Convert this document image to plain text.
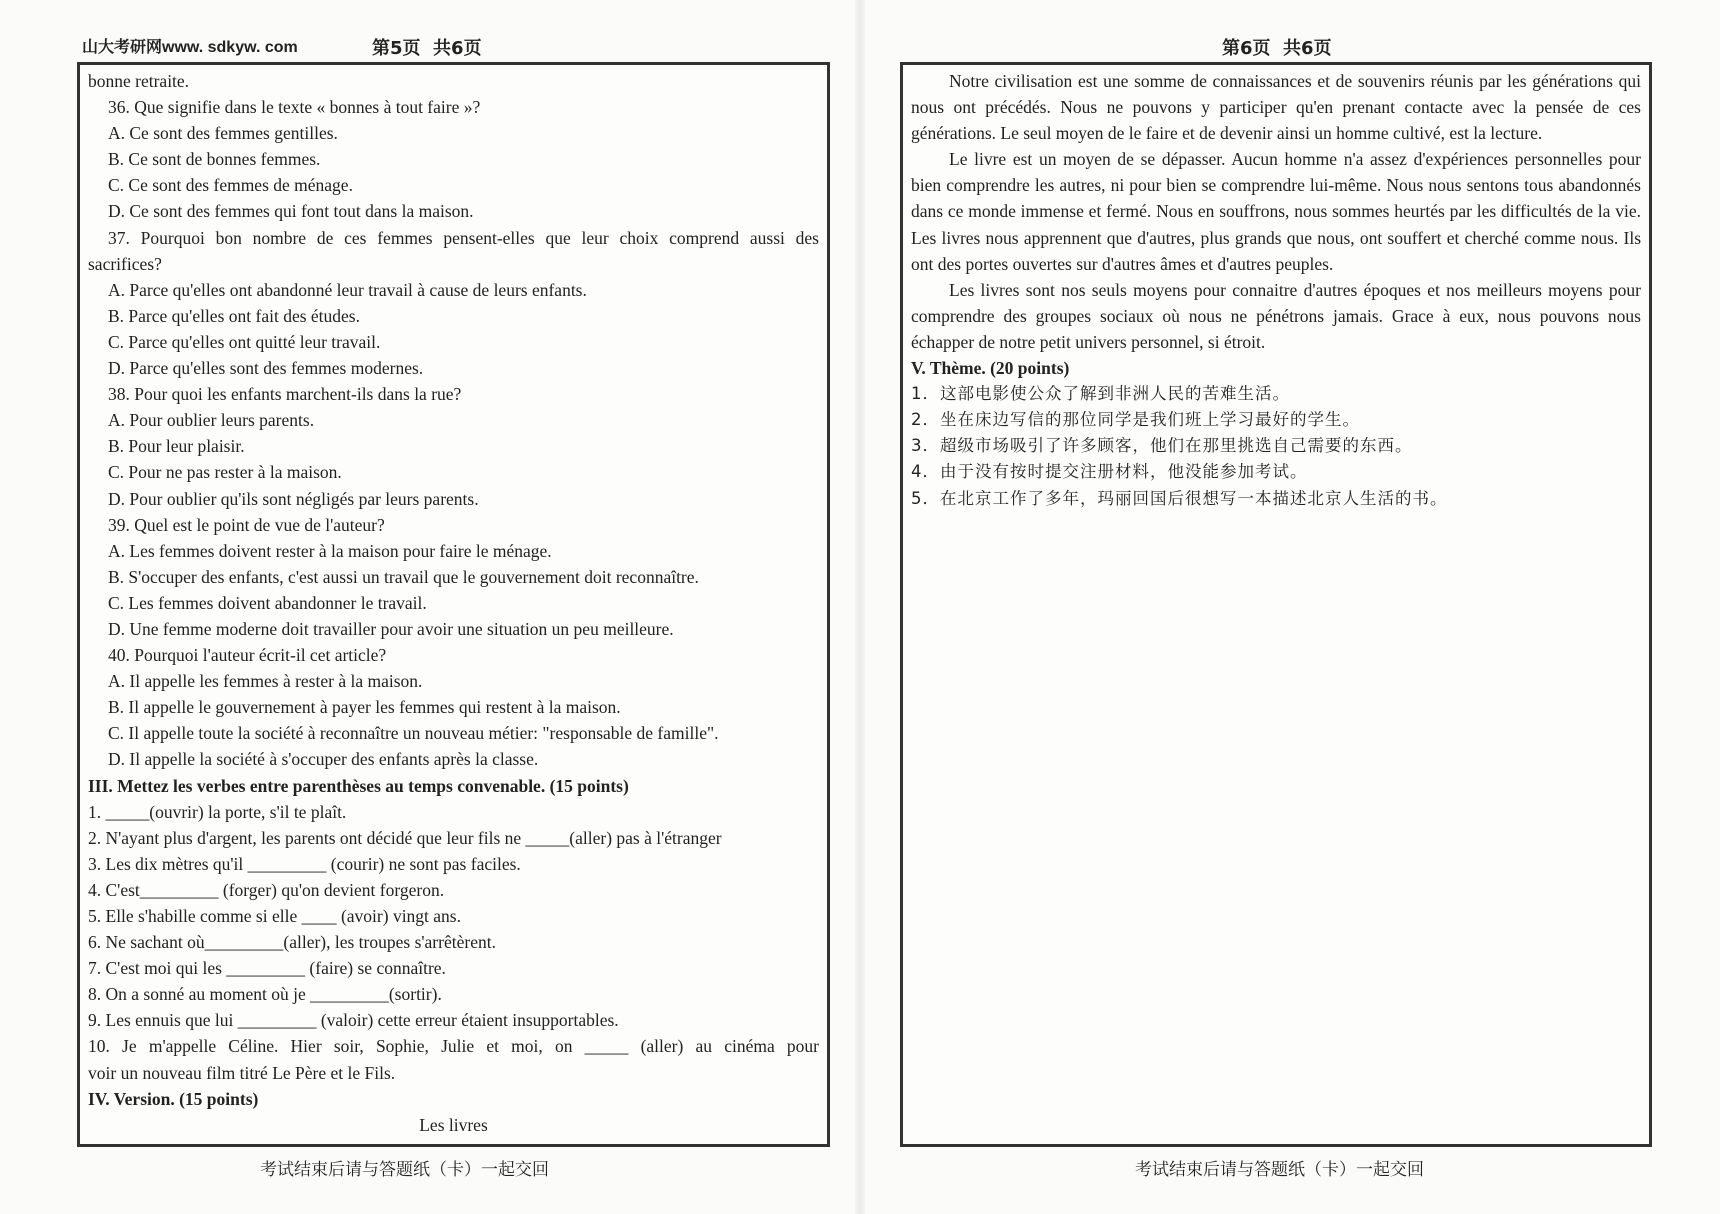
山大考研网www. sdkyw. com	第5页  共6页
bonne retraite.
36. Que signifie dans le texte « bonnes à tout faire »?
A. Ce sont des femmes gentilles.
B. Ce sont de bonnes femmes.
C. Ce sont des femmes de ménage.
D. Ce sont des femmes qui font tout dans la maison.
37. Pourquoi bon nombre de ces femmes pensent-elles que leur choix comprend aussi des
sacrifices?
A. Parce qu'elles ont abandonné leur travail à cause de leurs enfants.
B. Parce qu'elles ont fait des études.
C. Parce qu'elles ont quitté leur travail.
D. Parce qu'elles sont des femmes modernes.
38. Pour quoi les enfants marchent-ils dans la rue?
A. Pour oublier leurs parents.
B. Pour leur plaisir.
C. Pour ne pas rester à la maison.
D. Pour oublier qu'ils sont négligés par leurs parents.
39. Quel est le point de vue de l'auteur?
A. Les femmes doivent rester à la maison pour faire le ménage.
B. S'occuper des enfants, c'est aussi un travail que le gouvernement doit reconnaître.
C. Les femmes doivent abandonner le travail.
D. Une femme moderne doit travailler pour avoir une situation un peu meilleure.
40. Pourquoi l'auteur écrit-il cet article?
A. Il appelle les femmes à rester à la maison.
B. Il appelle le gouvernement à payer les femmes qui restent à la maison.
C. Il appelle toute la société à reconnaître un nouveau métier: "responsable de famille".
D. Il appelle la société à s'occuper des enfants après la classe.
III. Mettez les verbes entre parenthèses au temps convenable. (15 points)
1. _____(ouvrir) la porte, s'il te plaît.
2. N'ayant plus d'argent, les parents ont décidé que leur fils ne _____(aller) pas à l'étranger
3. Les dix mètres qu'il _________ (courir) ne sont pas faciles.
4. C'est_________ (forger) qu'on devient forgeron.
5. Elle s'habille comme si elle ____ (avoir) vingt ans.
6. Ne sachant où_________(aller), les troupes s'arrêtèrent.
7. C'est moi qui les _________ (faire) se connaître.
8. On a sonné au moment où je _________(sortir).
9. Les ennuis que lui _________ (valoir) cette erreur étaient insupportables.
10. Je m'appelle Céline. Hier soir, Sophie, Julie et moi, on _____ (aller) au cinéma pour
voir un nouveau film titré Le Père et le Fils.
IV. Version. (15 points)
Les livres
考试结束后请与答题纸（卡）一起交回
第6页  共6页
Notre civilisation est une somme de connaissances et de souvenirs réunis par les générations qui nous ont précédés. Nous ne pouvons y participer qu'en prenant contacte avec la pensée de ces générations. Le seul moyen de le faire et de devenir ainsi un homme cultivé, est la lecture.
Le livre est un moyen de se dépasser. Aucun homme n'a assez d'expériences personnelles pour bien comprendre les autres, ni pour bien se comprendre lui-même. Nous nous sentons tous abandonnés dans ce monde immense et fermé. Nous en souffrons, nous sommes heurtés par les difficultés de la vie. Les livres nous apprennent que d'autres, plus grands que nous, ont souffert et cherché comme nous. Ils ont des portes ouvertes sur d'autres âmes et d'autres peuples.
Les livres sont nos seuls moyens pour connaitre d'autres époques et nos meilleurs moyens pour comprendre des groupes sociaux où nous ne pénétrons jamais. Grace à eux, nous pouvons nous échapper de notre petit univers personnel, si étroit.
V. Thème. (20 points)
1．这部电影使公众了解到非洲人民的苦难生活。
2．坐在床边写信的那位同学是我们班上学习最好的学生。
3．超级市场吸引了许多顾客，他们在那里挑选自己需要的东西。
4．由于没有按时提交注册材料，他没能参加考试。
5．在北京工作了多年，玛丽回国后很想写一本描述北京人生活的书。
考试结束后请与答题纸（卡）一起交回
